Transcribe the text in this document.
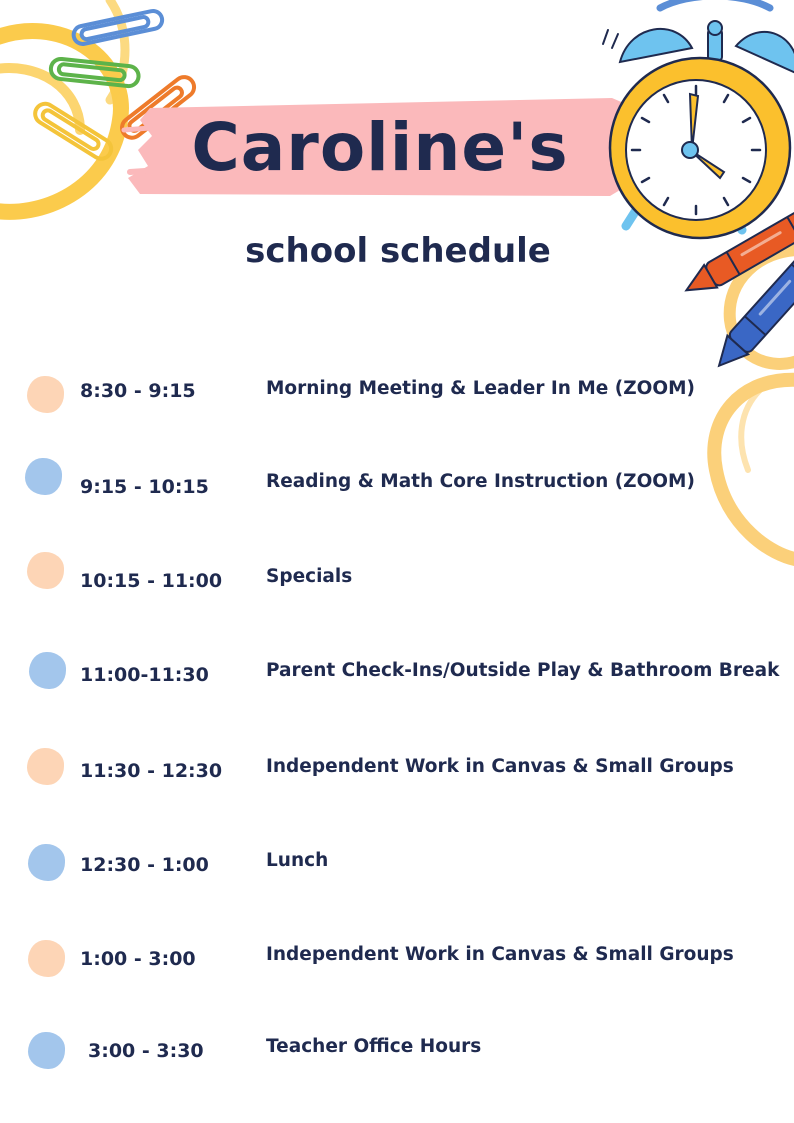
Caroline's
school schedule
8:30 - 9:15	Morning Meeting & Leader In Me (ZOOM)
9:15 - 10:15	Reading & Math Core Instruction (ZOOM)
10:15 - 11:00 Specials
11:00-11:30	Parent Check-Ins/Outside Play & Bathroom Break
11:30 - 12:30 Independent Work in Canvas & Small Groups
12:30 - 1:00	Lunch
1:00 - 3:00	Independent Work in Canvas & Small Groups
3:00 - 3:30	Teacher Office Hours
